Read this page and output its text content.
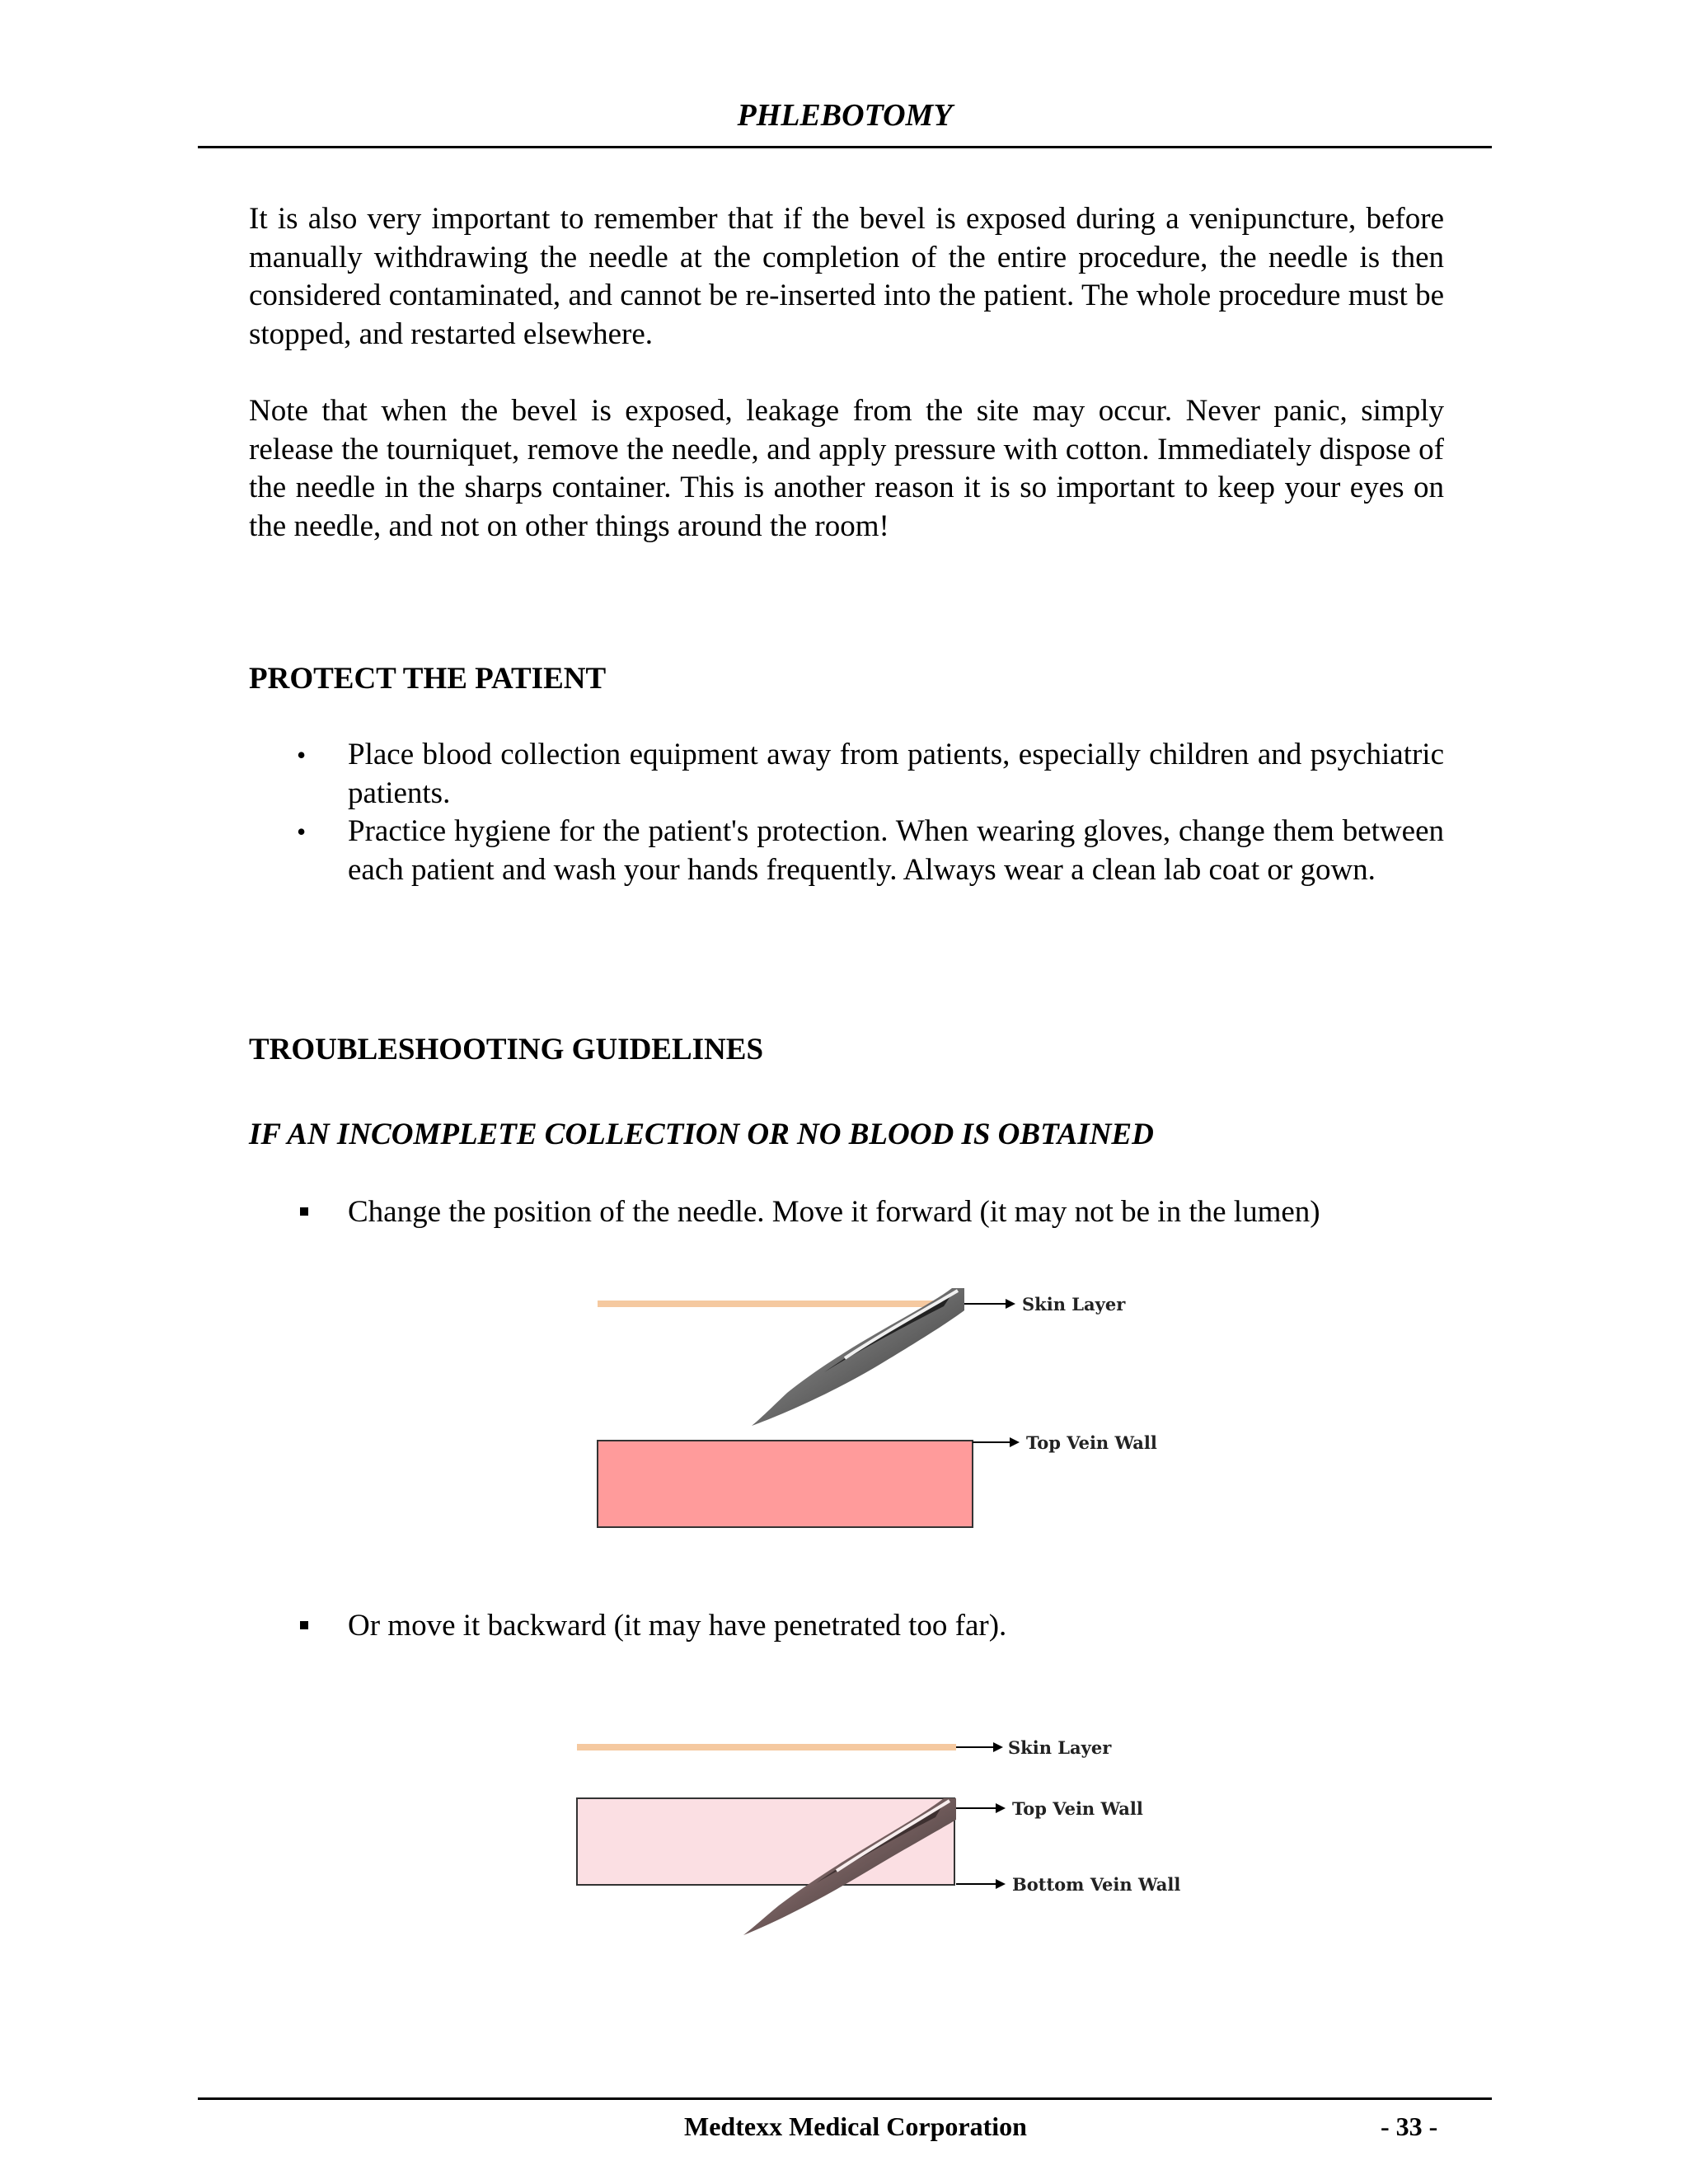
PHLEBOTOMY
It is also very important to remember that if the bevel is exposed during a venipuncture, before manually withdrawing the needle at the completion of the entire procedure, the needle is then considered contaminated, and cannot be re-inserted into the patient. The whole procedure must be stopped, and restarted elsewhere.
Note that when the bevel is exposed, leakage from the site may occur. Never panic, simply release the tourniquet, remove the needle, and apply pressure with cotton. Immediately dispose of the needle in the sharps container. This is another reason it is so important to keep your eyes on the needle, and not on other things around the room!
PROTECT THE PATIENT
• Place blood collection equipment away from patients, especially children and psychiatric patients.
• Practice hygiene for the patient's protection. When wearing gloves, change them between each patient and wash your hands frequently. Always wear a clean lab coat or gown.
TROUBLESHOOTING GUIDELINES
IF AN INCOMPLETE COLLECTION OR NO BLOOD IS OBTAINED
Change the position of the needle. Move it forward (it may not be in the lumen)
Skin Layer
Top Vein Wall
Or move it backward (it may have penetrated too far).
Skin Layer
Top Vein Wall
Bottom Vein Wall
Medtexx Medical Corporation	- 33 -
